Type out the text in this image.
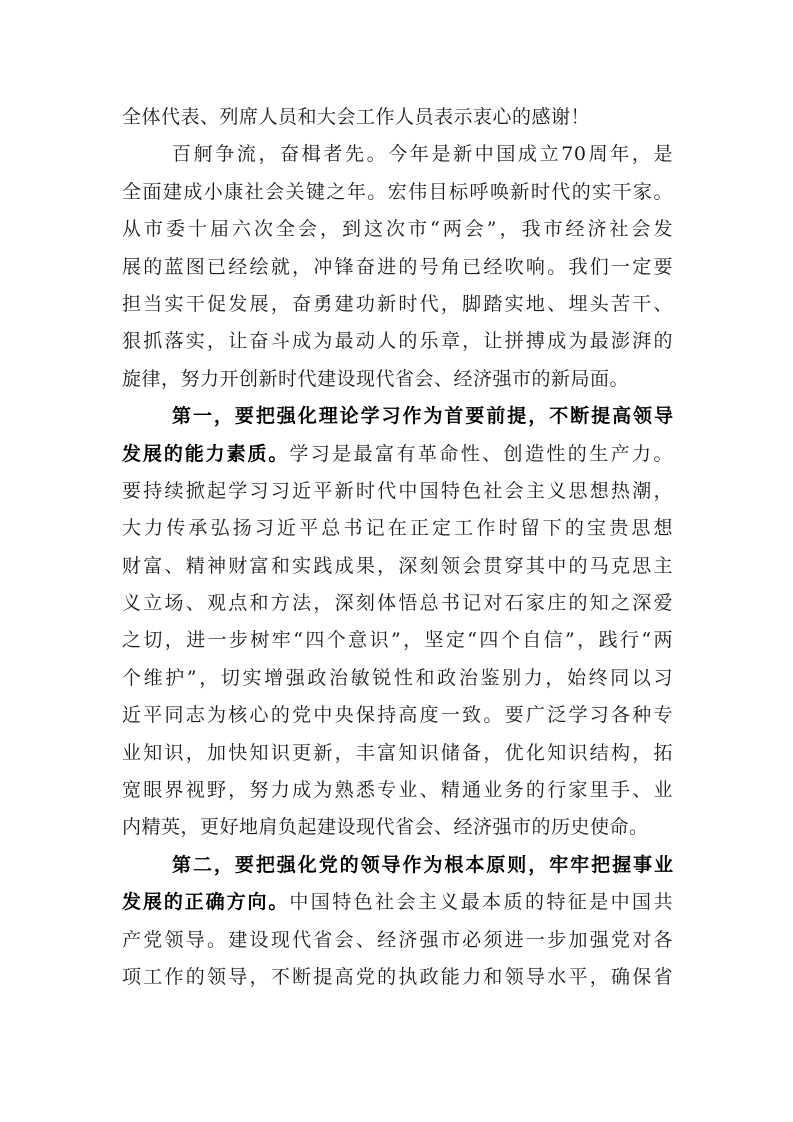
全体代表、列席人员和大会工作人员表示衷心的感谢！
百舸争流，奋楫者先。今年是新中国成立70周年，是
全面建成小康社会关键之年。宏伟目标呼唤新时代的实干家。
从市委十届六次全会，到这次市“两会”，我市经济社会发
展的蓝图已经绘就，冲锋奋进的号角已经吹响。我们一定要
担当实干促发展，奋勇建功新时代，脚踏实地、埋头苦干、
狠抓落实，让奋斗成为最动人的乐章，让拼搏成为最澎湃的
旋律，努力开创新时代建设现代省会、经济强市的新局面。
第一，要把强化理论学习作为首要前提，不断提高领导
发展的能力素质。学习是最富有革命性、创造性的生产力。
要持续掀起学习习近平新时代中国特色社会主义思想热潮，
大力传承弘扬习近平总书记在正定工作时留下的宝贵思想
财富、精神财富和实践成果，深刻领会贯穿其中的马克思主
义立场、观点和方法，深刻体悟总书记对石家庄的知之深爱
之切，进一步树牢“四个意识”，坚定“四个自信”，践行“两
个维护”，切实增强政治敏锐性和政治鉴别力，始终同以习
近平同志为核心的党中央保持高度一致。要广泛学习各种专
业知识，加快知识更新，丰富知识储备，优化知识结构，拓
宽眼界视野，努力成为熟悉专业、精通业务的行家里手、业
内精英，更好地肩负起建设现代省会、经济强市的历史使命。
第二，要把强化党的领导作为根本原则，牢牢把握事业
发展的正确方向。中国特色社会主义最本质的特征是中国共
产党领导。建设现代省会、经济强市必须进一步加强党对各
项工作的领导，不断提高党的执政能力和领导水平，确保省
